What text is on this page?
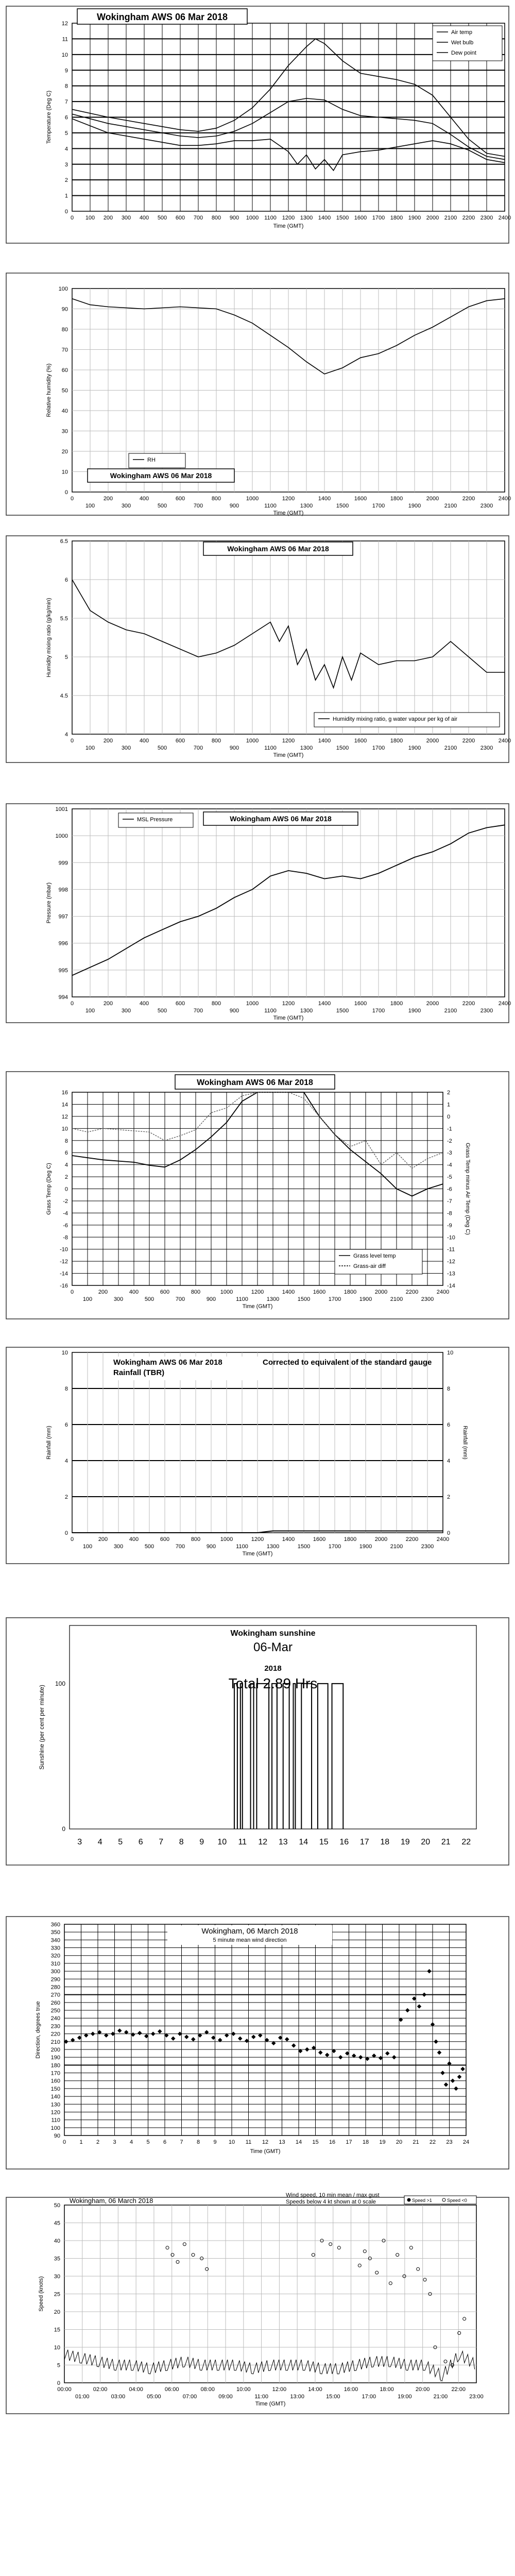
0
1
2
3
4
5
6
7
8
9
10
11
12
Temperature (Deg C)
0 100 200 300 400 500 600 700 800 900 1000 1100 1200 1300 1400 1500 1600 1700 1800 1900 2000 2100 2200 2300 2400
Time (GMT)
Wokingham AWS 06 Mar 2018
Air temp
Wet bulb
Dew point
0
10
20
30
40
50
60
70
80
90
100
Relative humidity (%)
0
100
200
300
400
500
600
700
800
900
1000
1100
1200
1300
1400
1500
1600
1700
1800
1900
2000
2100
2200
2300
2400
Time (GMT)
RH
Wokingham AWS 06 Mar 2018
4
4.5
5
5.5
6
6.5
Humidity mixing ratio (g/kg/min)
0
100
200
300
400
500
600
700
800
900
1000
1100
1200
1300
1400
1500
1600
1700
1800
1900
2000
2100
2200
2300
2400
Time (GMT)
Wokingham AWS 06 Mar 2018
Humidity mixing ratio, g water vapour per kg of air
994
995
996
997
998
999
1000
1001
Pressure (mbar)
0
100
200
300
400
500
600
700
800
900
1000
1100
1200
1300
1400
1500
1600
1700
1800
1900
2000
2100
2200
2300
2400
Time (GMT)
MSL Pressure	Wokingham AWS 06 Mar 2018
-16
-14
-12
-10
-8
-6
-4
-2
0
2
4
6
8
10
12
14
16
Grass Temp (Deg C)
0
100
200
300
400
500
600
700
800
900
1000
1100
1200
1300
1400
1500
1600
1700
1800
1900
2000
2100
2200
2300
2400
Time (GMT)
-14
-13
-12
-11
-10
-9
-8
-7
-6
-5
-4
-3
-2
-1
0
1
2
Grass Temp minus Air Temp (Deg C)
Wokingham AWS 06 Mar 2018
Grass level temp
Grass-air diff
0
2
4
6
8
10
Rainfall (mm)
0
100
200
300
400
500
600
700
800
900
1000
1100
1200
1300
1400
1500
1600
1700
1800
1900
2000
2100
2200
2300
2400
Time (GMT)
0
2
4
6
8
10
Rainfall (mm)
Wokingham AWS 06 Mar 2018
Rainfall (TBR)
Corrected to equivalent of the standard gauge
0
100
Sunshine (per cent per minute)
3 4 5 6 7 8 9 10 11 12 13 14 15 16 17 18 19 20 21 22
Wokingham sunshine
06-Mar
2018
Total 2.89 Hrs
90
100
110
120
130
140
150
160
170
180
190
200
210
220
230
240
250
260
270
280
290
300
310
320
330
340
350
360
Direction, degrees true
0 1 2 3 4 5 6 7 8 9 10 11 12 13 14 15 16 17 18 19 20 21 22 23 24
Time (GMT)
Wokingham, 06 March 2018
5 minute mean wind direction
0
5
10
15
20
25
30
35
40
45
50
Speed (knots)
00:00
01:00
02:00
03:00
04:00
05:00
06:00
07:00
08:00
09:00
10:00
11:00
12:00
13:00
14:00
15:00
16:00
17:00
18:00
19:00
20:00
21:00
22:00
23:00
Time (GMT)
Wokingham, 06 March 2018
Wind speed, 10 min mean / max gust
Speeds below 4 kt shown at 0 scale	Speed >1	Speed <0
